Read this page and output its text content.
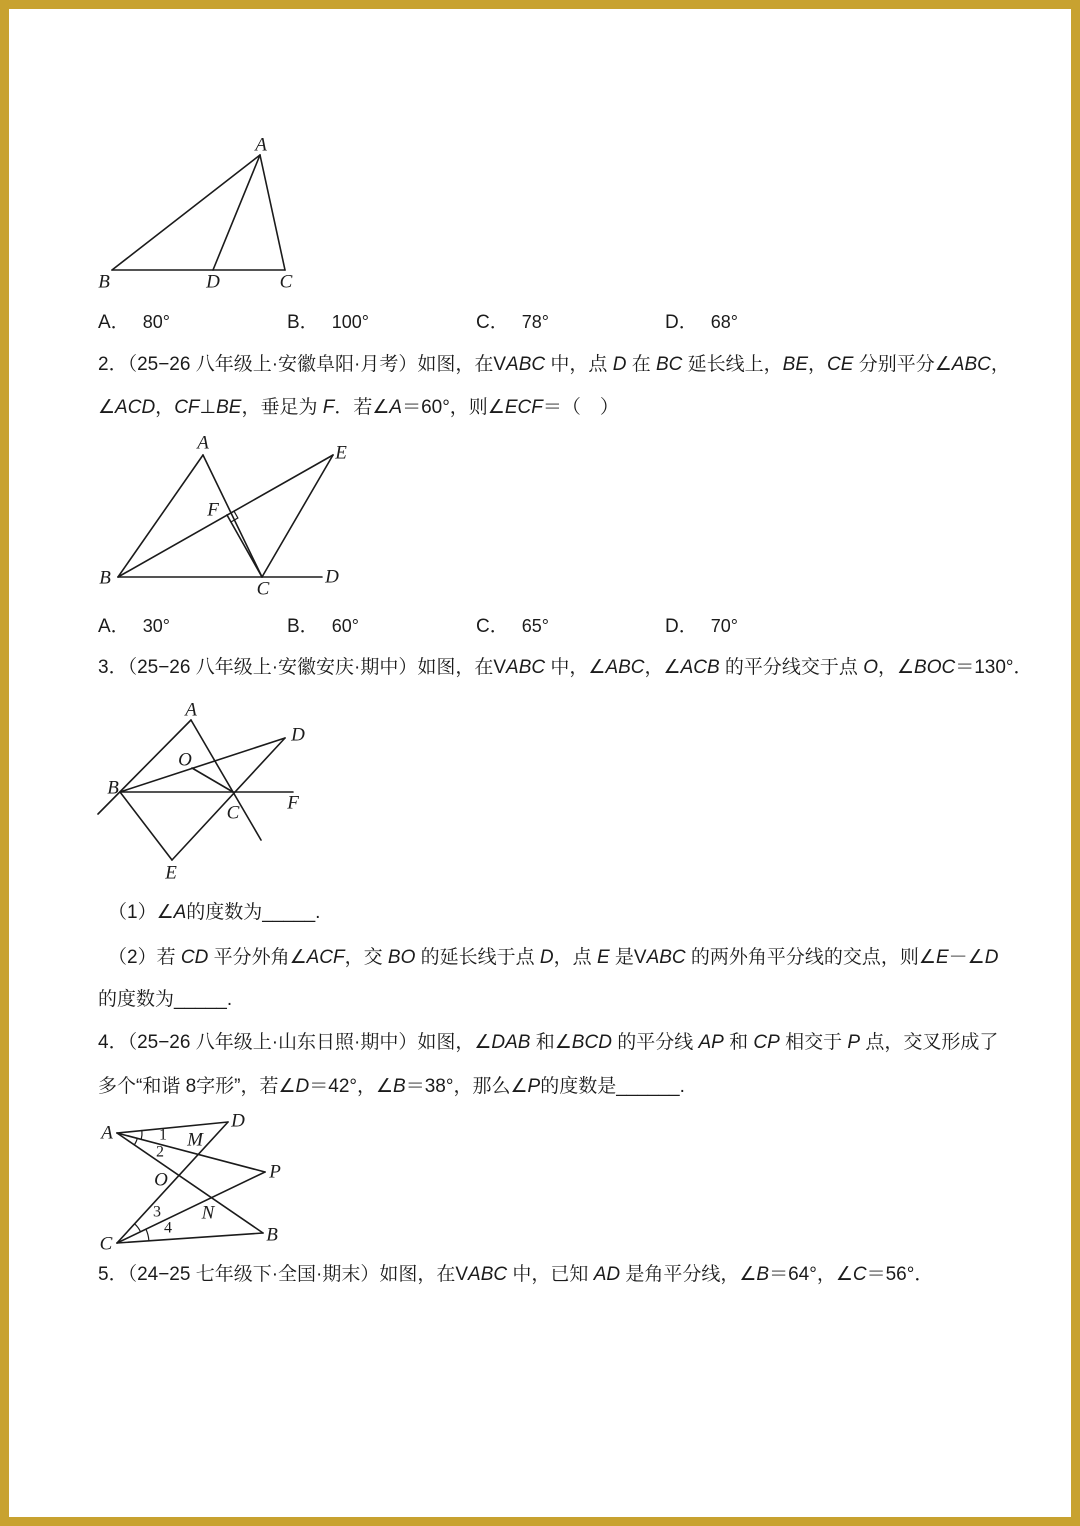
A
B	D	C
A． 80°	B． 100°	C． 78°	D． 68°
2．（25−26 八年级上·安徽阜阳·月考）如图，在VABC 中，点 D 在 BC 延长线上，BE，CE 分别平分∠ABC，
∠ACD，CF⊥BE，垂足为 F．若∠A＝60°，则∠ECF＝（　）
A	E
F
B
C
D
A． 30°	B． 60°	C． 65°	D． 70°
3．（25−26 八年级上·安徽安庆·期中）如图，在VABC 中，∠ABC，∠ACB 的平分线交于点 O，∠BOC＝130°．
A
D
O
B
C	F
E
（1）∠A的度数为_____.
（2）若 CD 平分外角∠ACF，交 BO 的延长线于点 D，点 E 是VABC 的两外角平分线的交点，则∠E－∠D
的度数为_____.
4．（25−26 八年级上·山东日照·期中）如图，∠DAB 和∠BCD 的平分线 AP 和 CP 相交于 P 点，交叉形成了
多个“和谐 8字形”，若∠D＝42°，∠B＝38°，那么∠P的度数是______.
A
D
M
1
2
P
O
3 N
4	B
C
5．（24−25 七年级下·全国·期末）如图，在VABC 中，已知 AD 是角平分线，∠B＝64°，∠C＝56°．
